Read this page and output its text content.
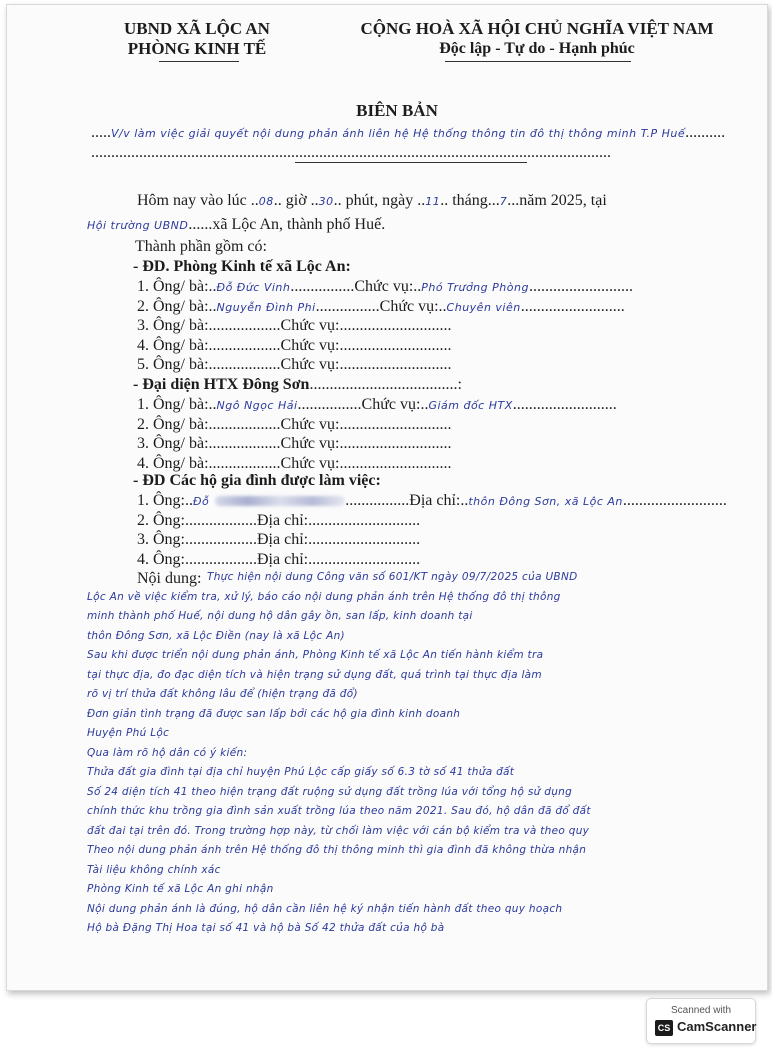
UBND XÃ LỘC AN
PHÒNG KINH TẾ
CỘNG HOÀ XÃ HỘI CHỦ NGHĨA VIỆT NAM
Độc lập - Tự do - Hạnh phúc
BIÊN BẢN
.....V/v làm việc giải quyết nội dung phản ánh liên hệ Hệ thống thông tin đô thị thông minh T.P Huế..........
..................................................................................................................................
Hôm nay vào lúc ..08.. giờ ..30.. phút, ngày ..11.. tháng...7...năm 2025, tại
Hội trường UBND......xã Lộc An, thành phố Huế.
Thành phần gồm có:
- ĐD. Phòng Kinh tế xã Lộc An:
1. Ông/ bà:..Đỗ Đức Vinh................Chức vụ:..Phó Trưởng Phòng..........................
2. Ông/ bà:..Nguyễn Đình Phi................Chức vụ:..Chuyên viên..........................
3. Ông/ bà:..................Chức vụ:............................
4. Ông/ bà:..................Chức vụ:............................
5. Ông/ bà:..................Chức vụ:............................
- Đại diện HTX Đông Sơn.....................................:
1. Ông/ bà:..Ngô Ngọc Hải................Chức vụ:..Giám đốc HTX..........................
2. Ông/ bà:..................Chức vụ:............................
3. Ông/ bà:..................Chức vụ:............................
4. Ông/ bà:..................Chức vụ:............................
- ĐD Các hộ gia đình được làm việc:
1. Ông:..Đỗ	................Địa chỉ:..thôn Đông Sơn, xã Lộc An..........................
2. Ông:..................Địa chỉ:............................
3. Ông:..................Địa chỉ:............................
4. Ông:..................Địa chỉ:............................
Nội dung: Thực hiện nội dung Công văn số 601/KT ngày 09/7/2025 của UBND
Lộc An về việc kiểm tra, xử lý, báo cáo nội dung phản ánh trên Hệ thống đô thị thông
minh thành phố Huế, nội dung hộ dân gây ồn, san lấp, kinh doanh tại
thôn Đông Sơn, xã Lộc Điền (nay là xã Lộc An)
Sau khi được triển nội dung phản ánh, Phòng Kinh tế xã Lộc An tiến hành kiểm tra
tại thực địa, đo đạc diện tích và hiện trạng sử dụng đất, quá trình tại thực địa làm
rõ vị trí thửa đất không lâu để (hiện trạng đã đổ)
Đơn giản tình trạng đã được san lấp bởi các hộ gia đình kinh doanh
Huyện Phú Lộc
Qua làm rõ hộ dân có ý kiến:
Thửa đất gia đình tại địa chỉ huyện Phú Lộc cấp giấy số 6.3 tờ số 41 thửa đất
Số 24 diện tích 41 theo hiện trạng đất ruộng sử dụng đất trồng lúa với tổng hộ sử dụng
chính thức khu trồng gia đình sản xuất trồng lúa theo năm 2021. Sau đó, hộ dân đã đổ đất
đất đai tại trên đó. Trong trường hợp này, từ chối làm việc với cán bộ kiểm tra và theo quy
Theo nội dung phản ánh trên Hệ thống đô thị thông minh thì gia đình đã không thừa nhận
Tài liệu không chính xác
Phòng Kinh tế xã Lộc An ghi nhận
Nội dung phản ánh là đúng, hộ dân cần liên hệ ký nhận tiến hành đất theo quy hoạch
Hộ bà Đặng Thị Hoa tại số 41 và hộ bà Số 42 thửa đất của hộ bà
Scanned with
CS CamScanner
